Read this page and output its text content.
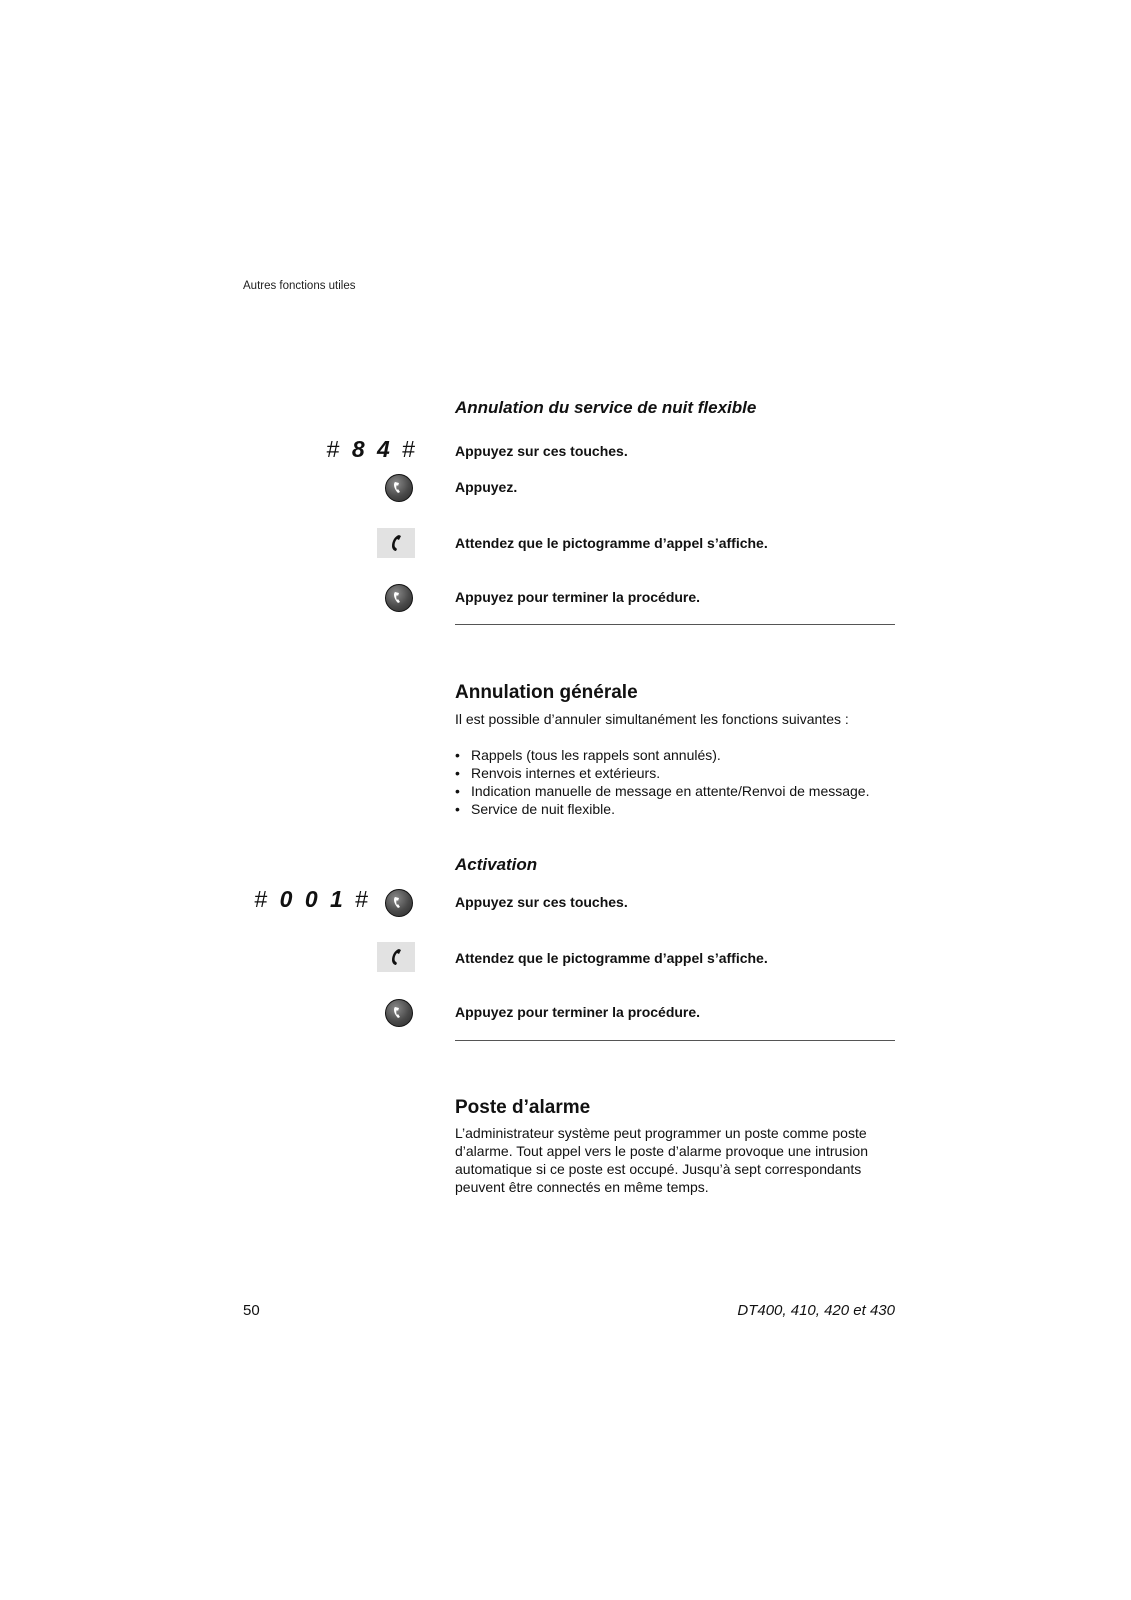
Autres fonctions utiles
Annulation du service de nuit flexible
# 8 4 #	Appuyez sur ces touches.
Appuyez.
Attendez que le pictogramme d’appel s’affiche.
Appuyez pour terminer la procédure.
Annulation générale
Il est possible d’annuler simultanément les fonctions suivantes :
• Rappels (tous les rappels sont annulés).
• Renvois internes et extérieurs.
• Indication manuelle de message en attente/Renvoi de message.
• Service de nuit flexible.
Activation
# 0 0 1 #	Appuyez sur ces touches.
Attendez que le pictogramme d’appel s’affiche.
Appuyez pour terminer la procédure.
Poste d’alarme
L’administrateur système peut programmer un poste comme poste
d’alarme. Tout appel vers le poste d’alarme provoque une intrusion
automatique si ce poste est occupé. Jusqu’à sept correspondants
peuvent être connectés en même temps.
50	DT400, 410, 420 et 430
